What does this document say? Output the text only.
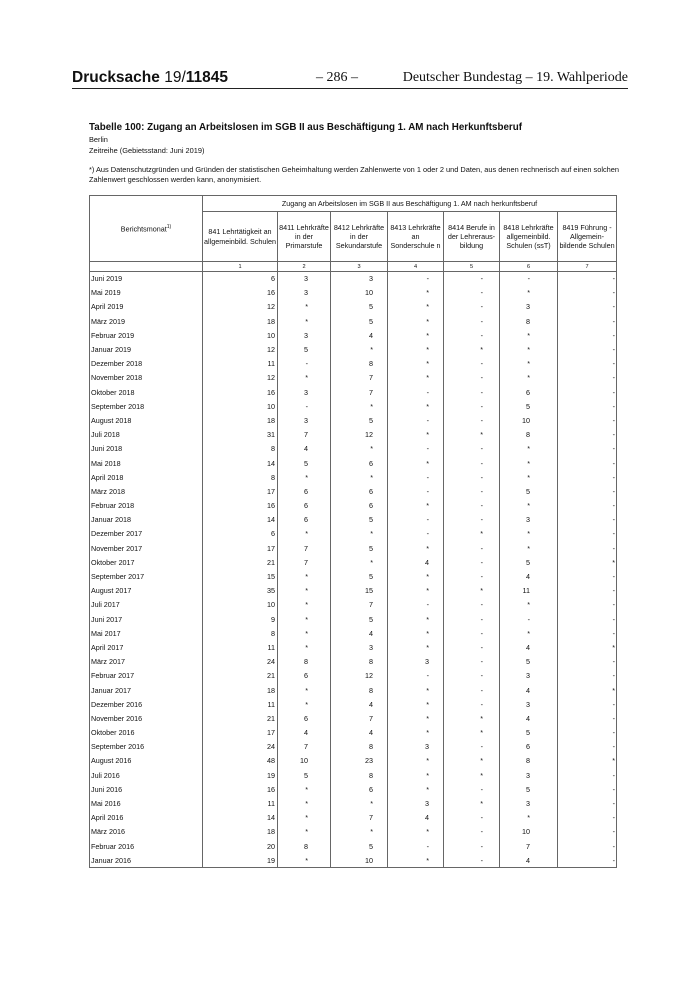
Drucksache 19/11845	– 286 –	Deutscher Bundestag – 19. Wahlperiode
Tabelle 100: Zugang an Arbeitslosen im SGB II aus Beschäftigung 1. AM nach Herkunftsberuf
Berlin
Zeitreihe (Gebietsstand: Juni 2019)
*) Aus Datenschutzgründen und Gründen der statistischen Geheimhaltung werden Zahlenwerte von 1 oder 2 und Daten, aus denen rechnerisch auf einen solchen Zahlenwert geschlossen werden kann, anonymisiert.
Berichtsmonat$^{1)}$	Zugang an Arbeitslosen im SGB II aus Beschäftigung 1. AM nach herkunftsberuf						
	841 Lehrtätigkeit an allgemeinbild. Schulen	8411 Lehrkräfte in der Primarstufe	8412 Lehrkräfte in der Sekundarstufe	8413 Lehrkräfte an Sonderschule n	8414 Berufe in der Lehreraus- bildung	8418 Lehrkräfte allgemeinbild. Schulen (ssT)	8419 Führung - Allgemein- bildende Schulen
	1	2	3	4	5	6	7
Juni 2019	6	3	3	-	-	-	-
Mai 2019	16	3	10	*	-	*	-
April 2019	12	*	5	*	-	3	-
März 2019	18	*	5	*	-	8	-
Februar 2019	10	3	4	*	-	*	-
Januar 2019	12	5	*	*	*	*	-
Dezember 2018	11	-	8	*	-	*	-
November 2018	12	*	7	*	-	*	-
Oktober 2018	16	3	7	-	-	6	-
September 2018	10	-	*	*	-	5	-
August 2018	18	3	5	-	-	10	-
Juli 2018	31	7	12	*	*	8	-
Juni 2018	8	4	*	-	-	*	-
Mai 2018	14	5	6	*	-	*	-
April 2018	8	*	*	-	-	*	-
März 2018	17	6	6	-	-	5	-
Februar 2018	16	6	6	*	-	*	-
Januar 2018	14	6	5	-	-	3	-
Dezember 2017	6	*	*	-	*	*	-
November 2017	17	7	5	*	-	*	-
Oktober 2017	21	7	*	4	-	5	*
September 2017	15	*	5	*	-	4	-
August 2017	35	*	15	*	*	11	-
Juli 2017	10	*	7	-	-	*	-
Juni 2017	9	*	5	*	-	-	-
Mai 2017	8	*	4	*	-	*	-
April 2017	11	*	3	*	-	4	*
März 2017	24	8	8	3	-	5	-
Februar 2017	21	6	12	-	-	3	-
Januar 2017	18	*	8	*	-	4	*
Dezember 2016	11	*	4	*	-	3	-
November 2016	21	6	7	*	*	4	-
Oktober 2016	17	4	4	*	*	5	-
September 2016	24	7	8	3	-	6	-
August 2016	48	10	23	*	*	8	*
Juli 2016	19	5	8	*	*	3	-
Juni 2016	16	*	6	*	-	5	-
Mai 2016	11	*	*	3	*	3	-
April 2016	14	*	7	4	-	*	-
März 2016	18	*	*	*	-	10	-
Februar 2016	20	8	5	-	-	7	-
Januar 2016	19	*	10	*	-	4	-
